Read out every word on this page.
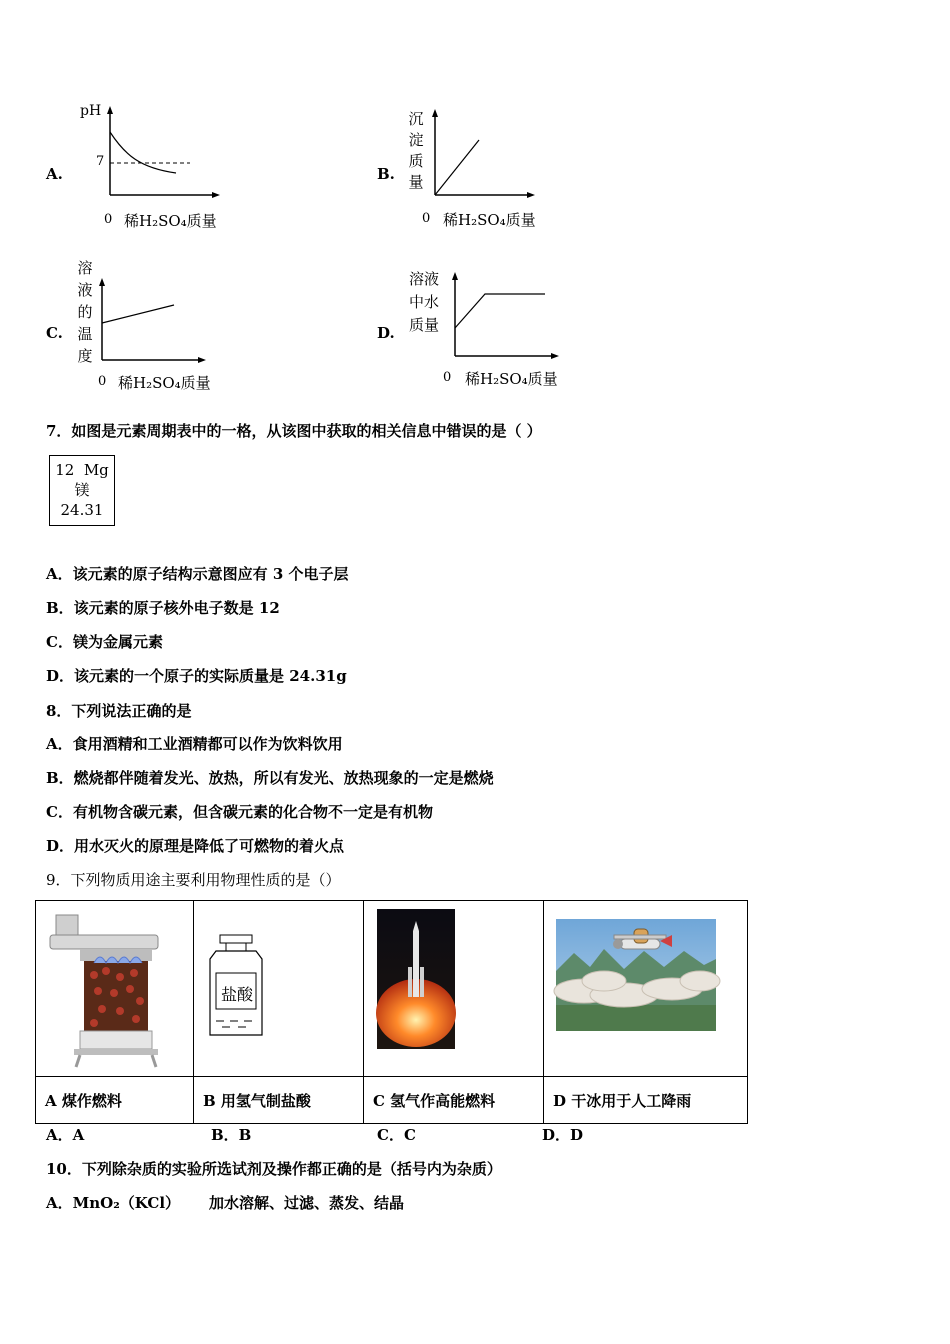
A.
pH
7
0 稀H₂SO₄质量
B.
沉
淀
质
量
0 稀H₂SO₄质量
C.
溶
液
的
温
度
0 稀H₂SO₄质量
D.
溶液
中水
质量
0 稀H₂SO₄质量
7．如图是元素周期表中的一格，从该图中获取的相关信息中错误的是（ ）
12 Mg
镁
24.31
A．该元素的原子结构示意图应有 3 个电子层
B．该元素的原子核外电子数是 12
C．镁为金属元素
D．该元素的一个原子的实际质量是 24.31g
8．下列说法正确的是
A．食用酒精和工业酒精都可以作为饮料饮用
B．燃烧都伴随着发光、放热，所以有发光、放热现象的一定是燃烧
C．有机物含碳元素，但含碳元素的化合物不一定是有机物
D．用水灭火的原理是降低了可燃物的着火点
9．下列物质用途主要利用物理性质的是（）

盐酸

A 煤作燃料	B 用氢气制盐酸	C 氢气作高能燃料	D 干冰用于人工降雨
A．A	B．B	C．C	D．D
10．下列除杂质的实验所选试剂及操作都正确的是（括号内为杂质）
A．MnO₂（KCl） 加水溶解、过滤、蒸发、结晶
